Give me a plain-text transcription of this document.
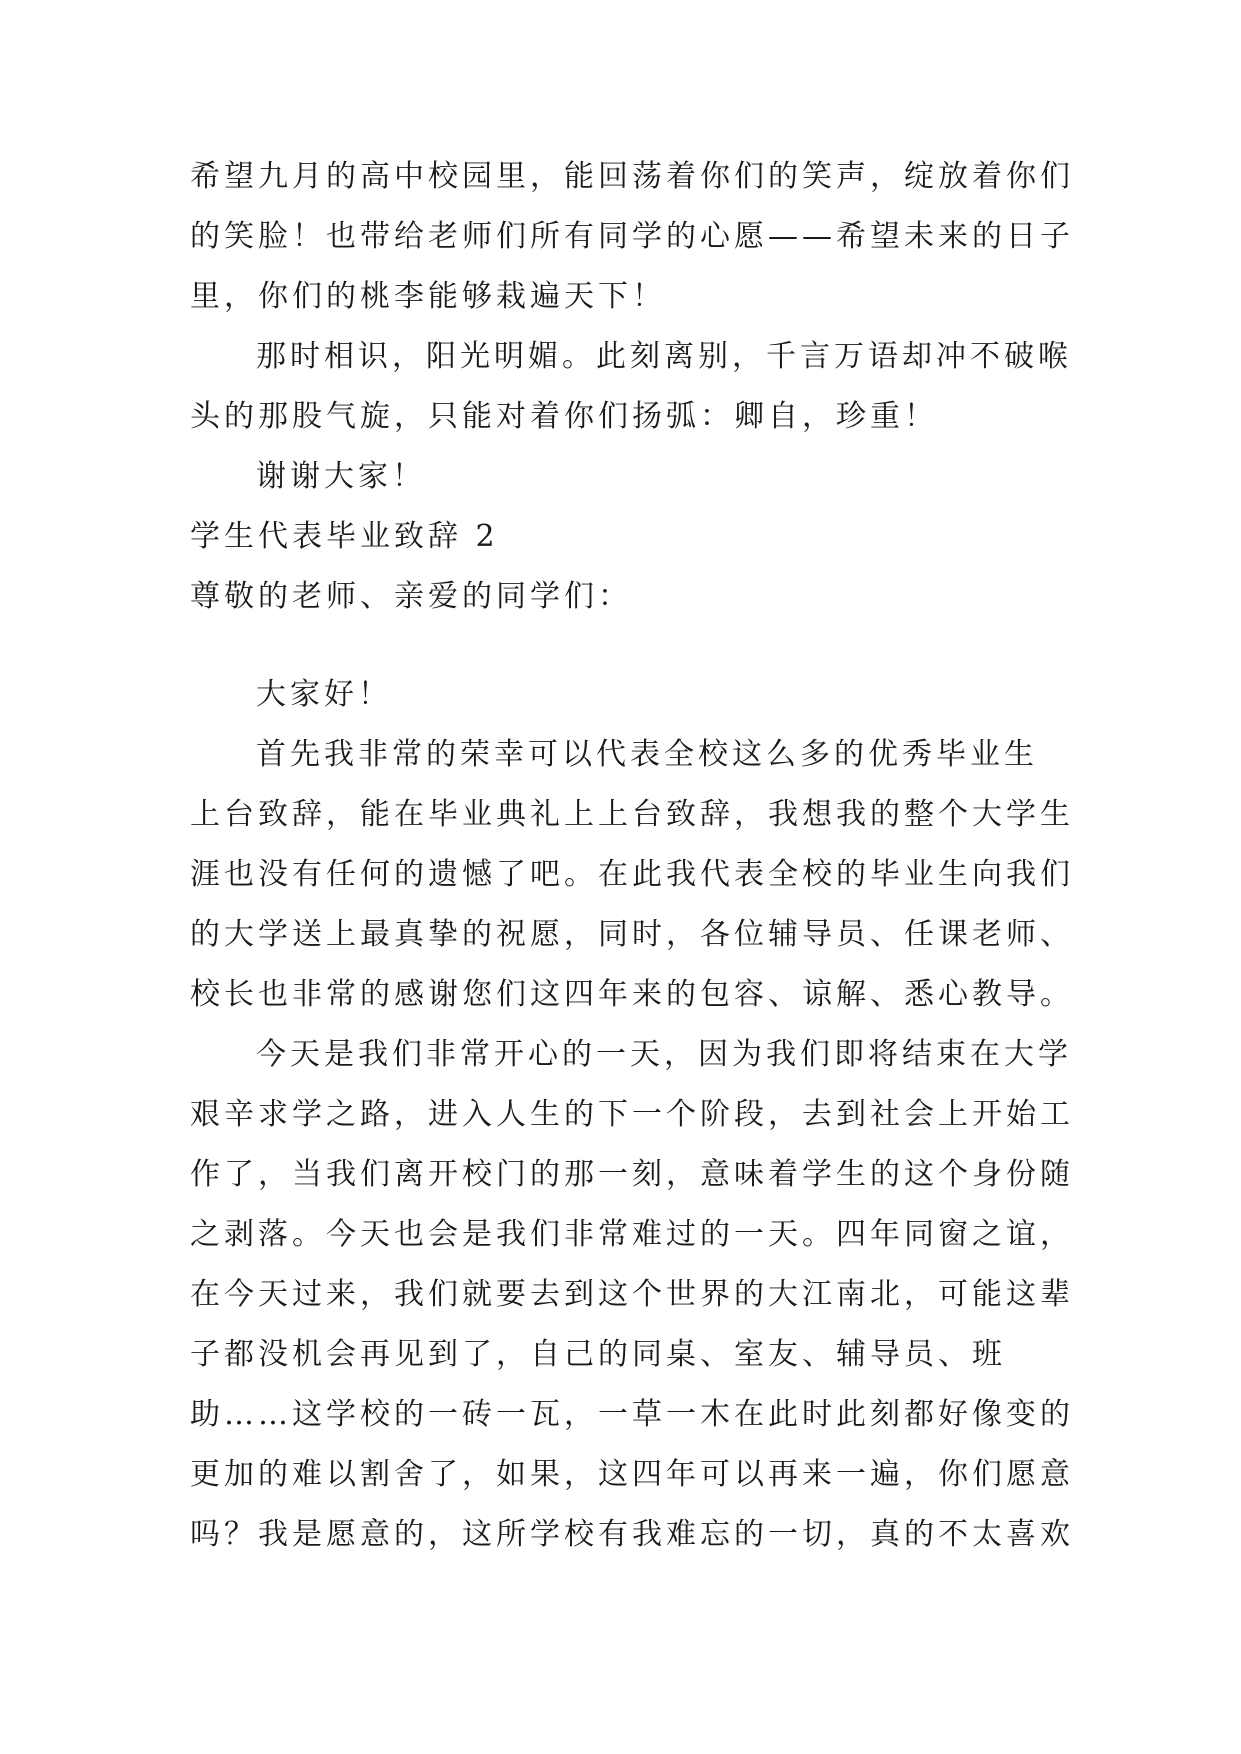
希望九月的高中校园里，能回荡着你们的笑声，绽放着你们
的笑脸！也带给老师们所有同学的心愿——希望未来的日子
里，你们的桃李能够栽遍天下！
那时相识，阳光明媚。此刻离别，千言万语却冲不破喉
头的那股气旋，只能对着你们扬弧：卿自，珍重！
谢谢大家！
学生代表毕业致辞 2
尊敬的老师、亲爱的同学们：
大家好！
首先我非常的荣幸可以代表全校这么多的优秀毕业生
上台致辞，能在毕业典礼上上台致辞，我想我的整个大学生
涯也没有任何的遗憾了吧。在此我代表全校的毕业生向我们
的大学送上最真挚的祝愿，同时，各位辅导员、任课老师、
校长也非常的感谢您们这四年来的包容、谅解、悉心教导。
今天是我们非常开心的一天，因为我们即将结束在大学
艰辛求学之路，进入人生的下一个阶段，去到社会上开始工
作了，当我们离开校门的那一刻，意味着学生的这个身份随
之剥落。今天也会是我们非常难过的一天。四年同窗之谊，
在今天过来，我们就要去到这个世界的大江南北，可能这辈
子都没机会再见到了，自己的同桌、室友、辅导员、班
助……这学校的一砖一瓦，一草一木在此时此刻都好像变的
更加的难以割舍了，如果，这四年可以再来一遍，你们愿意
吗？我是愿意的，这所学校有我难忘的一切，真的不太喜欢
